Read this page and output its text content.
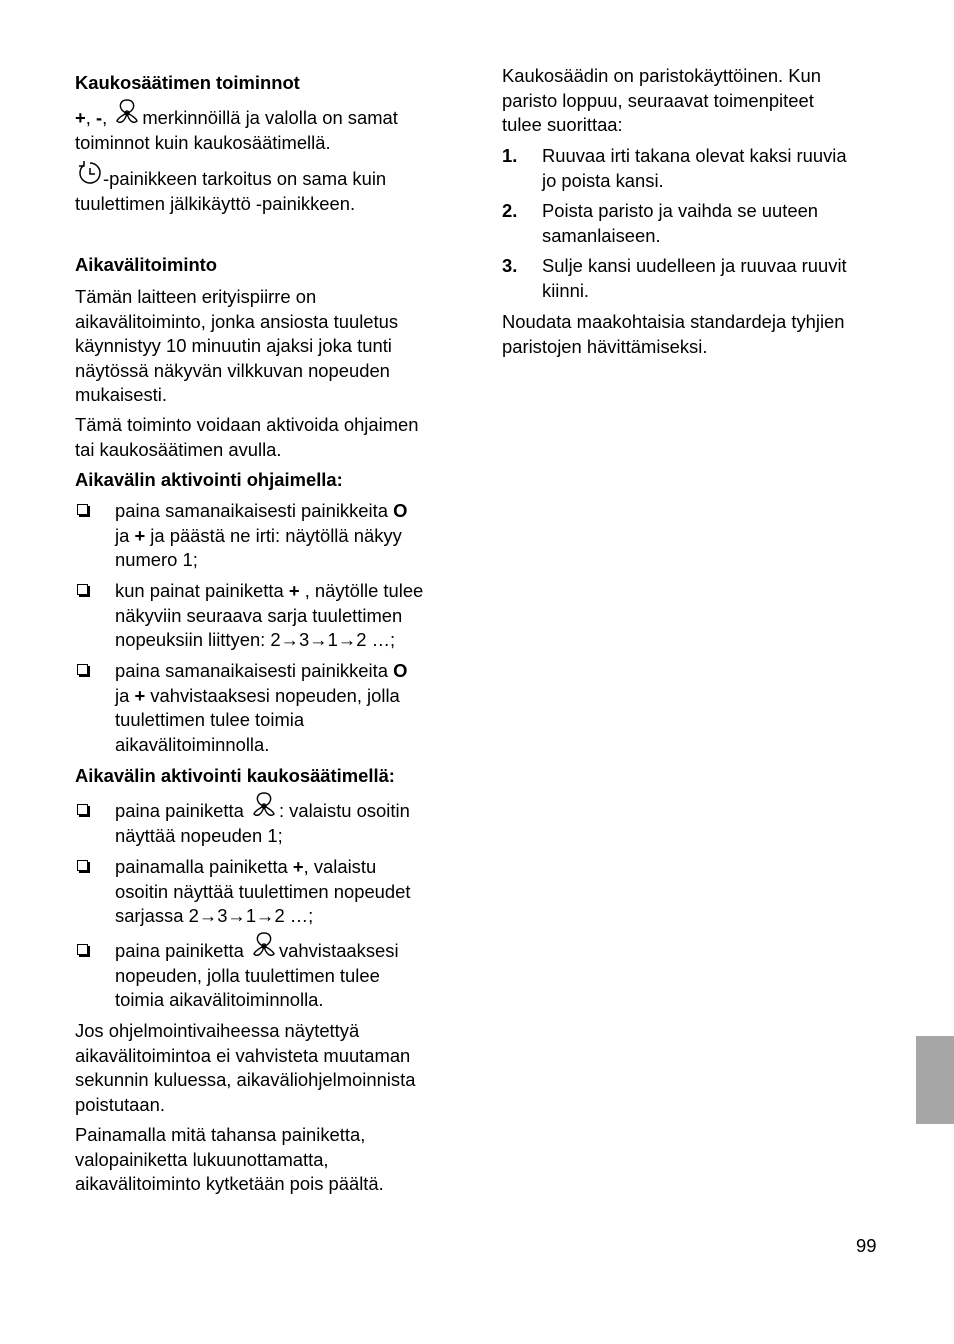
Kaukosäätimen toiminnot

+, -,
merkinnöillä ja valolla on samat

toiminnot kuin kaukosäätimellä.

-painikkeen tarkoitus on sama kuin

tuulettimen jälkikäyttö -painikkeen.

Aikavälitoiminto

Tämän laitteen erityispiirre on

aikavälitoiminto, jonka ansiosta tuuletus

käynnistyy 10 minuutin ajaksi joka tunti

näytössä näkyvän vilkkuvan nopeuden

mukaisesti.

Tämä toiminto voidaan aktivoida ohjaimen

tai kaukosäätimen avulla.

Aikavälin aktivointi ohjaimella:

paina samanaikaisesti painikkeita O

ja + ja päästä ne irti: näytöllä näkyy

numero 1;

kun painat painiketta + , näytölle tulee

näkyviin seuraava sarja tuulettimen

nopeuksiin liittyen: 2→3→1→2 …;

paina samanaikaisesti painikkeita O

ja + vahvistaaksesi nopeuden, jolla

tuulettimen tulee toimia

aikavälitoiminnolla.

Aikavälin aktivointi kaukosäätimellä:

paina painiketta
: valaistu osoitin

näyttää nopeuden 1;

painamalla painiketta +, valaistu

osoitin näyttää tuulettimen nopeudet

sarjassa 2→3→1→2 …;

paina painiketta
vahvistaaksesi

nopeuden, jolla tuulettimen tulee

toimia aikavälitoiminnolla.

Jos ohjelmointivaiheessa näytettyä

aikavälitoimintoa ei vahvisteta muutaman

sekunnin kuluessa, aikaväliohjelmoinnista

poistutaan.

Painamalla mitä tahansa painiketta,

valopainiketta lukuunottamatta,

aikavälitoiminto kytketään pois päältä.

Kaukosäädin on paristokäyttöinen. Kun

paristo loppuu, seuraavat toimenpiteet

tulee suorittaa:

1. Ruuvaa irti takana olevat kaksi ruuvia

jo poista kansi.

2. Poista paristo ja vaihda se uuteen

samanlaiseen.

3. Sulje kansi uudelleen ja ruuvaa ruuvit

kiinni.

Noudata maakohtaisia standardeja tyhjien

paristojen hävittämiseksi.

99
